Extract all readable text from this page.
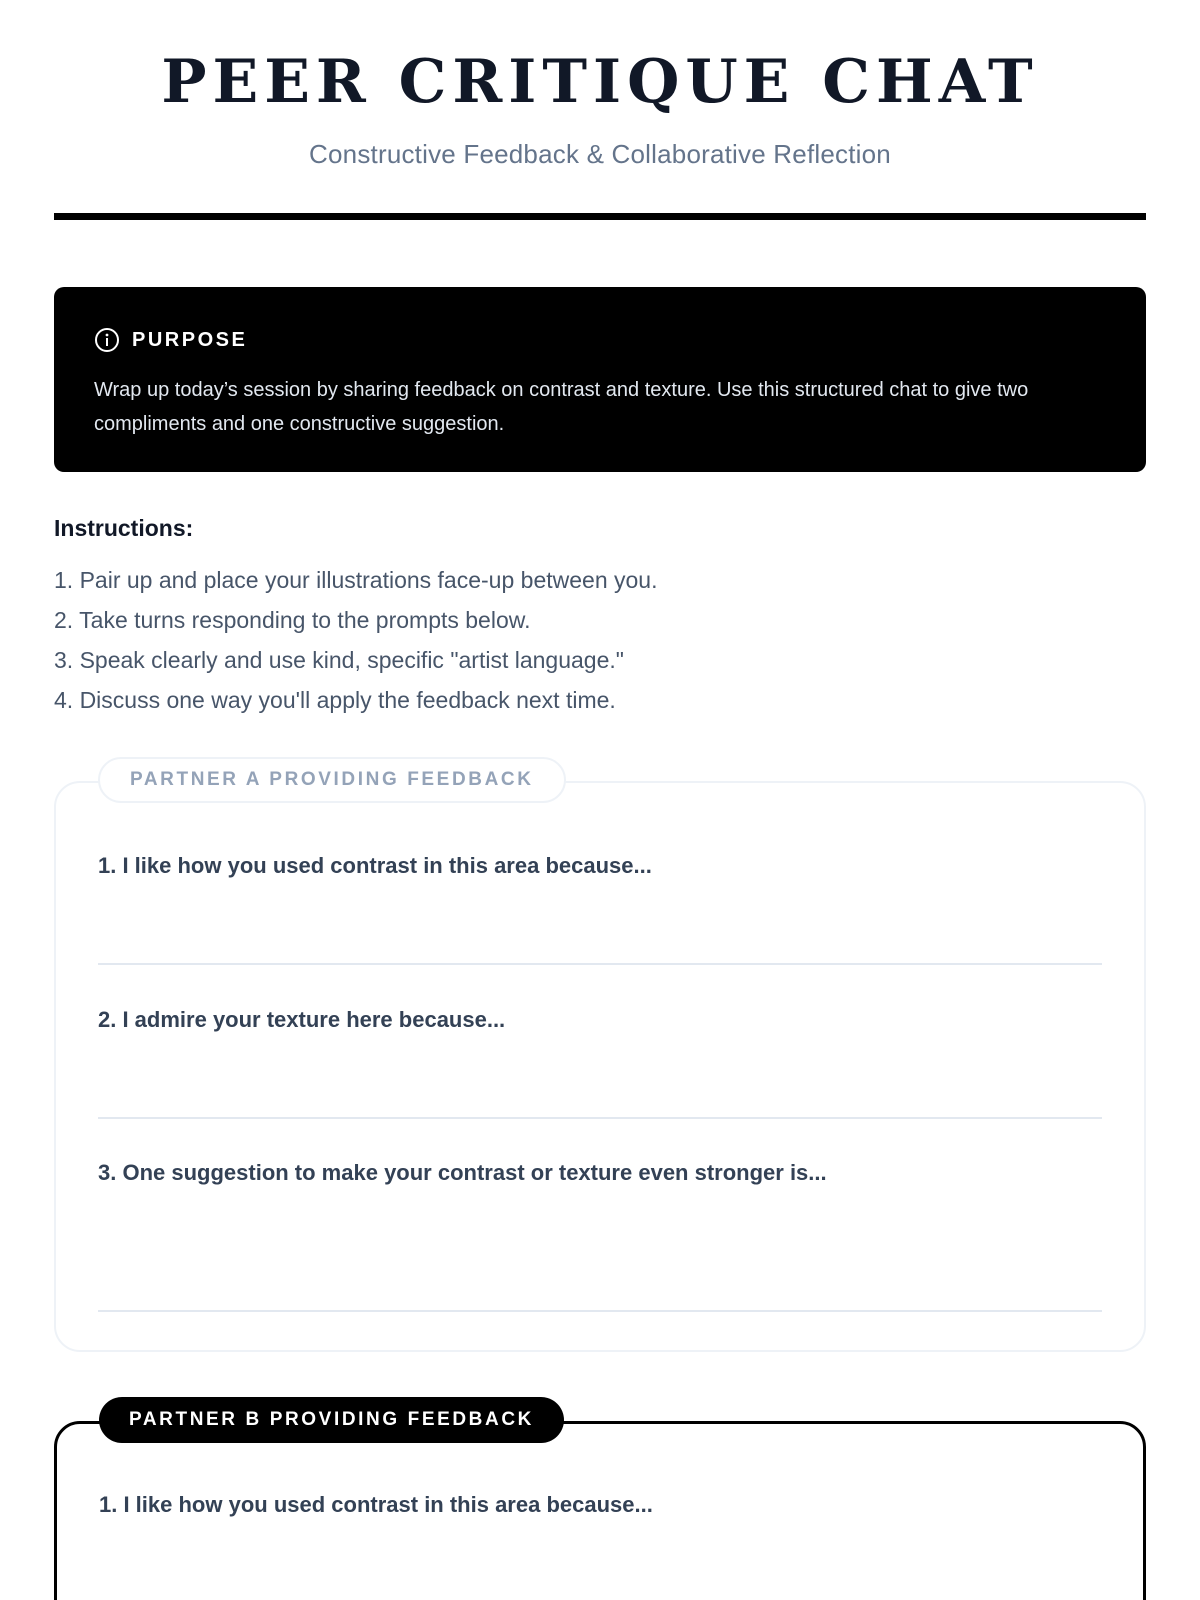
PEER CRITIQUE CHAT
Constructive Feedback & Collaborative Reflection
PURPOSE

Wrap up today’s session by sharing feedback on contrast and texture. Use this structured chat to give two compliments and one constructive suggestion.

Instructions:
1. Pair up and place your illustrations face-up between you.
2. Take turns responding to the prompts below.
3. Speak clearly and use kind, specific "artist language."
4. Discuss one way you'll apply the feedback next time.
PARTNER A PROVIDING FEEDBACK
1. I like how you used contrast in this area because...
2. I admire your texture here because...
3. One suggestion to make your contrast or texture even stronger is...
PARTNER B PROVIDING FEEDBACK
1. I like how you used contrast in this area because...
